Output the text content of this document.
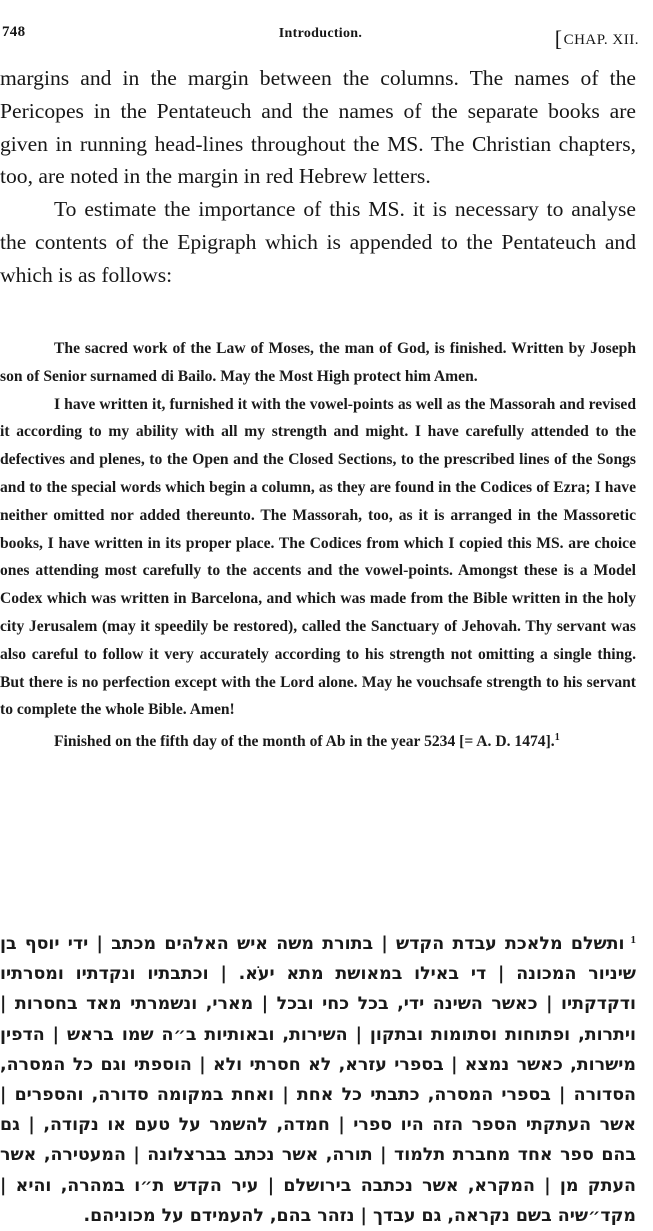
748	Introduction.	[CHAP. XII.

margins and in the margin between the columns. The names of the Pericopes in the Pentateuch and the names of the separate books are given in running head-lines throughout the MS. The Christian chapters, too, are noted in the margin in red Hebrew letters.

To estimate the importance of this MS. it is necessary to analyse the contents of the Epigraph which is appended to the Pentateuch and which is as follows:

The sacred work of the Law of Moses, the man of God, is finished. Written by Joseph son of Senior surnamed di Bailo. May the Most High protect him Amen.

I have written it, furnished it with the vowel-points as well as the Massorah and revised it according to my ability with all my strength and might. I have carefully attended to the defectives and plenes, to the Open and the Closed Sections, to the prescribed lines of the Songs and to the special words which begin a column, as they are found in the Codices of Ezra; I have neither omitted nor added thereunto. The Massorah, too, as it is arranged in the Massoretic books, I have written in its proper place. The Codices from which I copied this MS. are choice ones attending most carefully to the accents and the vowel-points. Amongst these is a Model Codex which was written in Barcelona, and which was made from the Bible written in the holy city Jerusalem (may it speedily be restored), called the Sanctuary of Jehovah. Thy servant was also careful to follow it very accurately according to his strength not omitting a single thing. But there is no perfection except with the Lord alone. May he vouchsafe strength to his servant to complete the whole Bible. Amen!

Finished on the fifth day of the month of Ab in the year 5234 [= A. D. 1474].$^1$

$^1$ותשלם מלאכת עבדת הקדש | בתורת משה איש האלהים מכתב | ידי יוסף בן שיניור המכונה | די באילו במאושת מתא יעֹא. | וכתבתיו ונקדתיו ומסרתיו ודקדקתיו | כאשר השינה ידי, בכל כחי ובכל | מארי, ונשמרתי מאד בחסרות | ויתרות, ופתוחות וסתומות ובתקון | השירות, ובאותיות ב״ה שמו בראש | הדפין מישרות, כאשר נמצא | בספרי עזרא, לא חסרתי ולא | הוספתי וגם כל המסרה, הסדורה | בספרי המסרה, כתבתי כל אחת | ואחת במקומה סדורה, והספרים | אשר העתקתי הספר הזה היו ספרי | חמדה, להשמר על טעם או נקודה, | גם בהם ספר אחד מחברת תלמוד | תורה, אשר נכתב בברצלונה | המעטירה, אשר העתק מן | המקרא, אשר נכתבה בירושלם | עיר הקדש ת״ו במהרה, והיא | מקד״שיה בשם נקראה, גם עבדך | נזהר בהם, להעמידם על מכוניהם.
